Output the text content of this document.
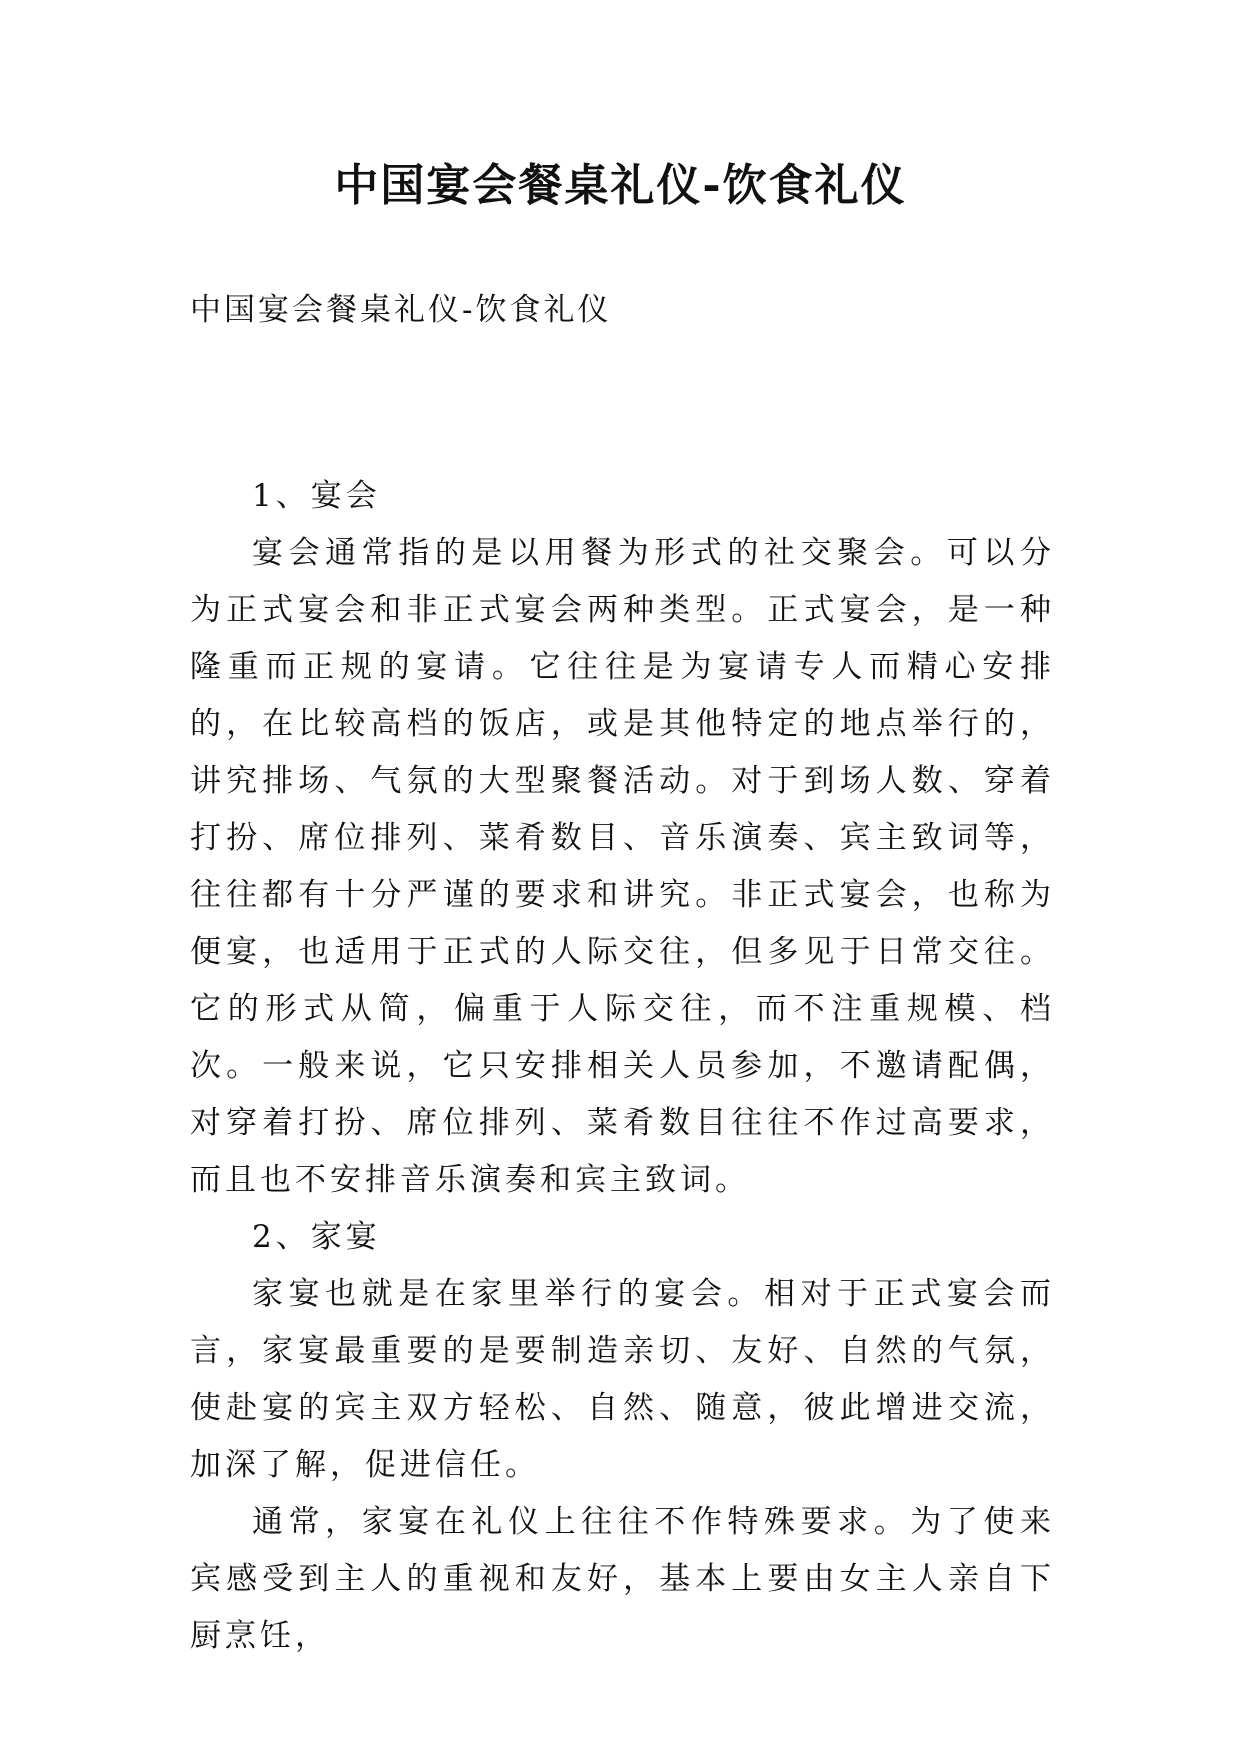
中国宴会餐桌礼仪-饮食礼仪
中国宴会餐桌礼仪-饮食礼仪

1、宴会

宴会通常指的是以用餐为形式的社交聚会。可以分为正式宴会和非正式宴会两种类型。正式宴会，是一种隆重而正规的宴请。它往往是为宴请专人而精心安排的，在比较高档的饭店，或是其他特定的地点举行的，讲究排场、气氛的大型聚餐活动。对于到场人数、穿着打扮、席位排列、菜肴数目、音乐演奏、宾主致词等，往往都有十分严谨的要求和讲究。非正式宴会，也称为便宴，也适用于正式的人际交往，但多见于日常交往。它的形式从简，偏重于人际交往，而不注重规模、档次。一般来说，它只安排相关人员参加，不邀请配偶，对穿着打扮、席位排列、菜肴数目往往不作过高要求，而且也不安排音乐演奏和宾主致词。

2、家宴

家宴也就是在家里举行的宴会。相对于正式宴会而言，家宴最重要的是要制造亲切、友好、自然的气氛，使赴宴的宾主双方轻松、自然、随意，彼此增进交流，加深了解，促进信任。

通常，家宴在礼仪上往往不作特殊要求。为了使来宾感受到主人的重视和友好，基本上要由女主人亲自下厨烹饪，
